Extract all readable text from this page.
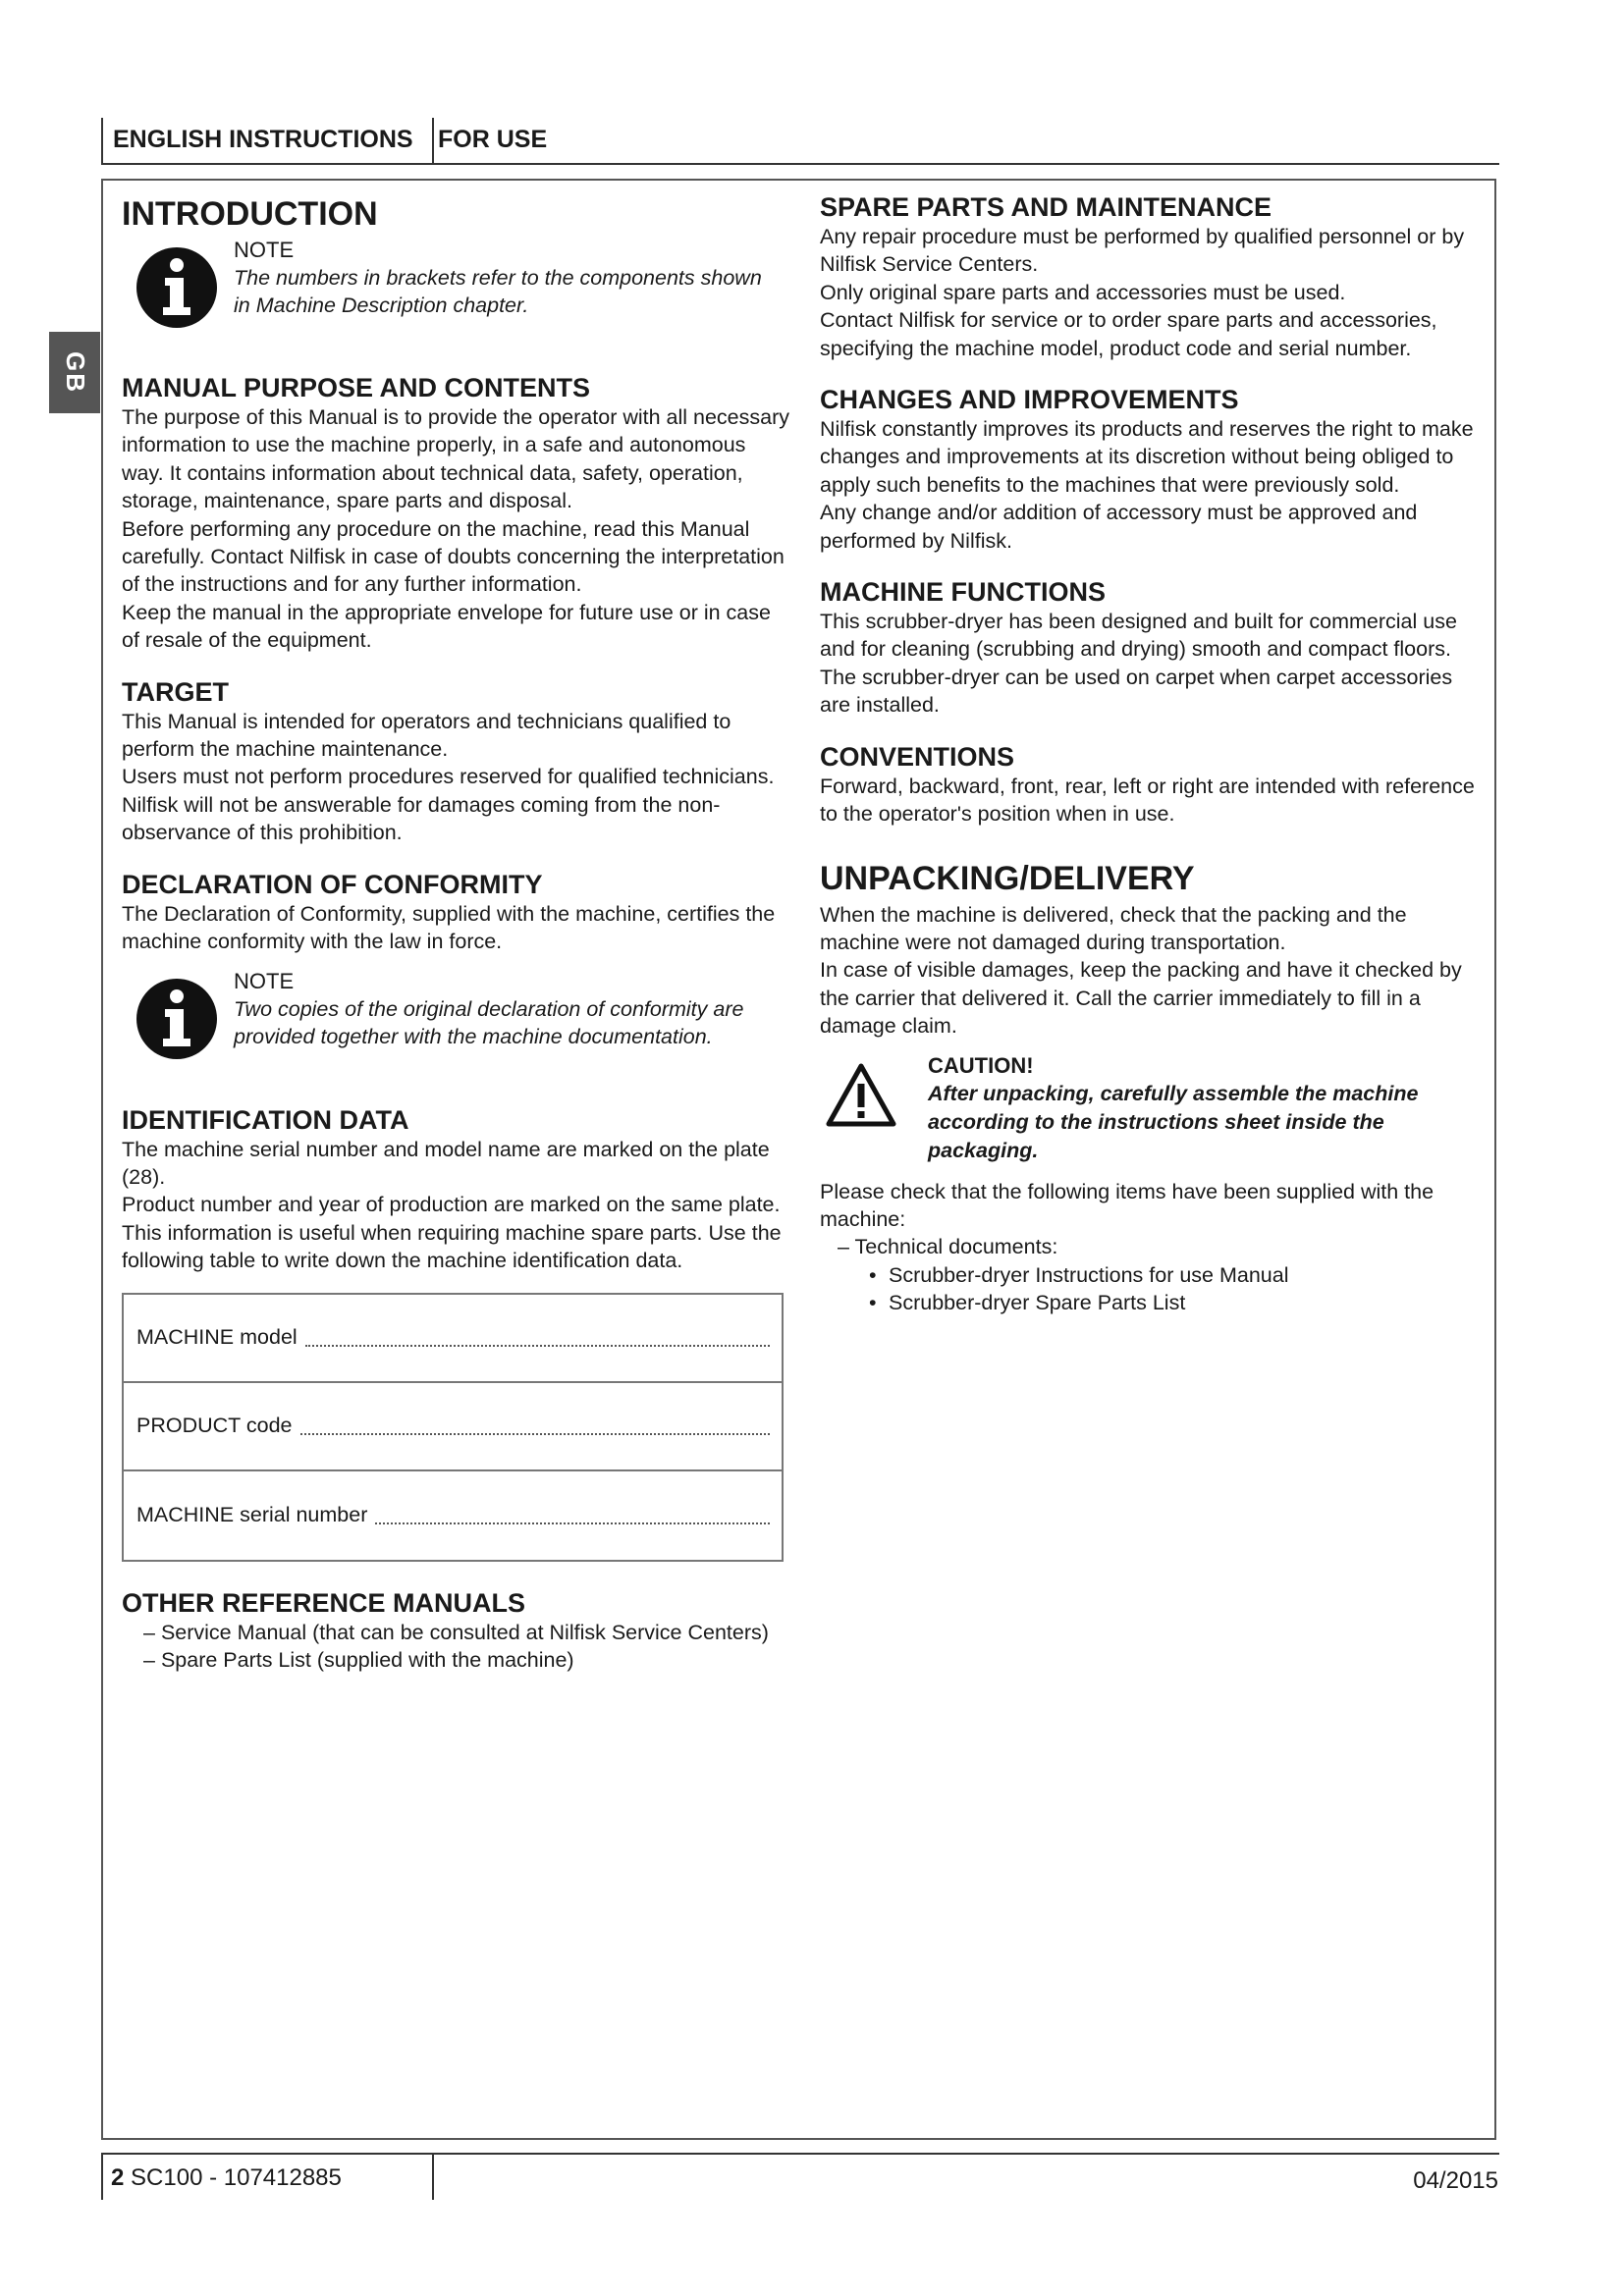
ENGLISH INSTRUCTIONS FOR USE
GB
INTRODUCTION
NOTE
The numbers in brackets refer to the components shown in Machine Description chapter.
MANUAL PURPOSE AND CONTENTS

The purpose of this Manual is to provide the operator with all necessary information to use the machine properly, in a safe and autonomous way. It contains information about technical data, safety, operation, storage, maintenance, spare parts and disposal.

Before performing any procedure on the machine, read this Manual carefully. Contact Nilfisk in case of doubts concerning the interpretation of the instructions and for any further information.

Keep the manual in the appropriate envelope for future use or in case of resale of the equipment.

TARGET

This Manual is intended for operators and technicians qualified to perform the machine maintenance.

Users must not perform procedures reserved for qualified technicians. Nilfisk will not be answerable for damages coming from the non-observance of this prohibition.

DECLARATION OF CONFORMITY

The Declaration of Conformity, supplied with the machine, certifies the machine conformity with the law in force.

NOTE
Two copies of the original declaration of conformity are provided together with the machine documentation.
IDENTIFICATION DATA

The machine serial number and model name are marked on the plate (28).

Product number and year of production are marked on the same plate.

This information is useful when requiring machine spare parts. Use the following table to write down the machine identification data.

MACHINE model
PRODUCT code
MACHINE serial number
OTHER REFERENCE MANUALS
– Service Manual (that can be consulted at Nilfisk Service Centers)
– Spare Parts List (supplied with the machine)
SPARE PARTS AND MAINTENANCE

Any repair procedure must be performed by qualified personnel or by Nilfisk Service Centers.

Only original spare parts and accessories must be used.

Contact Nilfisk for service or to order spare parts and accessories, specifying the machine model, product code and serial number.

CHANGES AND IMPROVEMENTS

Nilfisk constantly improves its products and reserves the right to make changes and improvements at its discretion without being obliged to apply such benefits to the machines that were previously sold.

Any change and/or addition of accessory must be approved and performed by Nilfisk.

MACHINE FUNCTIONS

This scrubber-dryer has been designed and built for commercial use and for cleaning (scrubbing and drying) smooth and compact floors.

The scrubber-dryer can be used on carpet when carpet accessories are installed.

CONVENTIONS

Forward, backward, front, rear, left or right are intended with reference to the operator's position when in use.

UNPACKING/DELIVERY

When the machine is delivered, check that the packing and the machine were not damaged during transportation.

In case of visible damages, keep the packing and have it checked by the carrier that delivered it. Call the carrier immediately to fill in a damage claim.

CAUTION!
After unpacking, carefully assemble the machine according to the instructions sheet inside the packaging.

Please check that the following items have been supplied with the machine:

– Technical documents:
• Scrubber-dryer Instructions for use Manual
• Scrubber-dryer Spare Parts List
2 SC100 - 107412885	04/2015
